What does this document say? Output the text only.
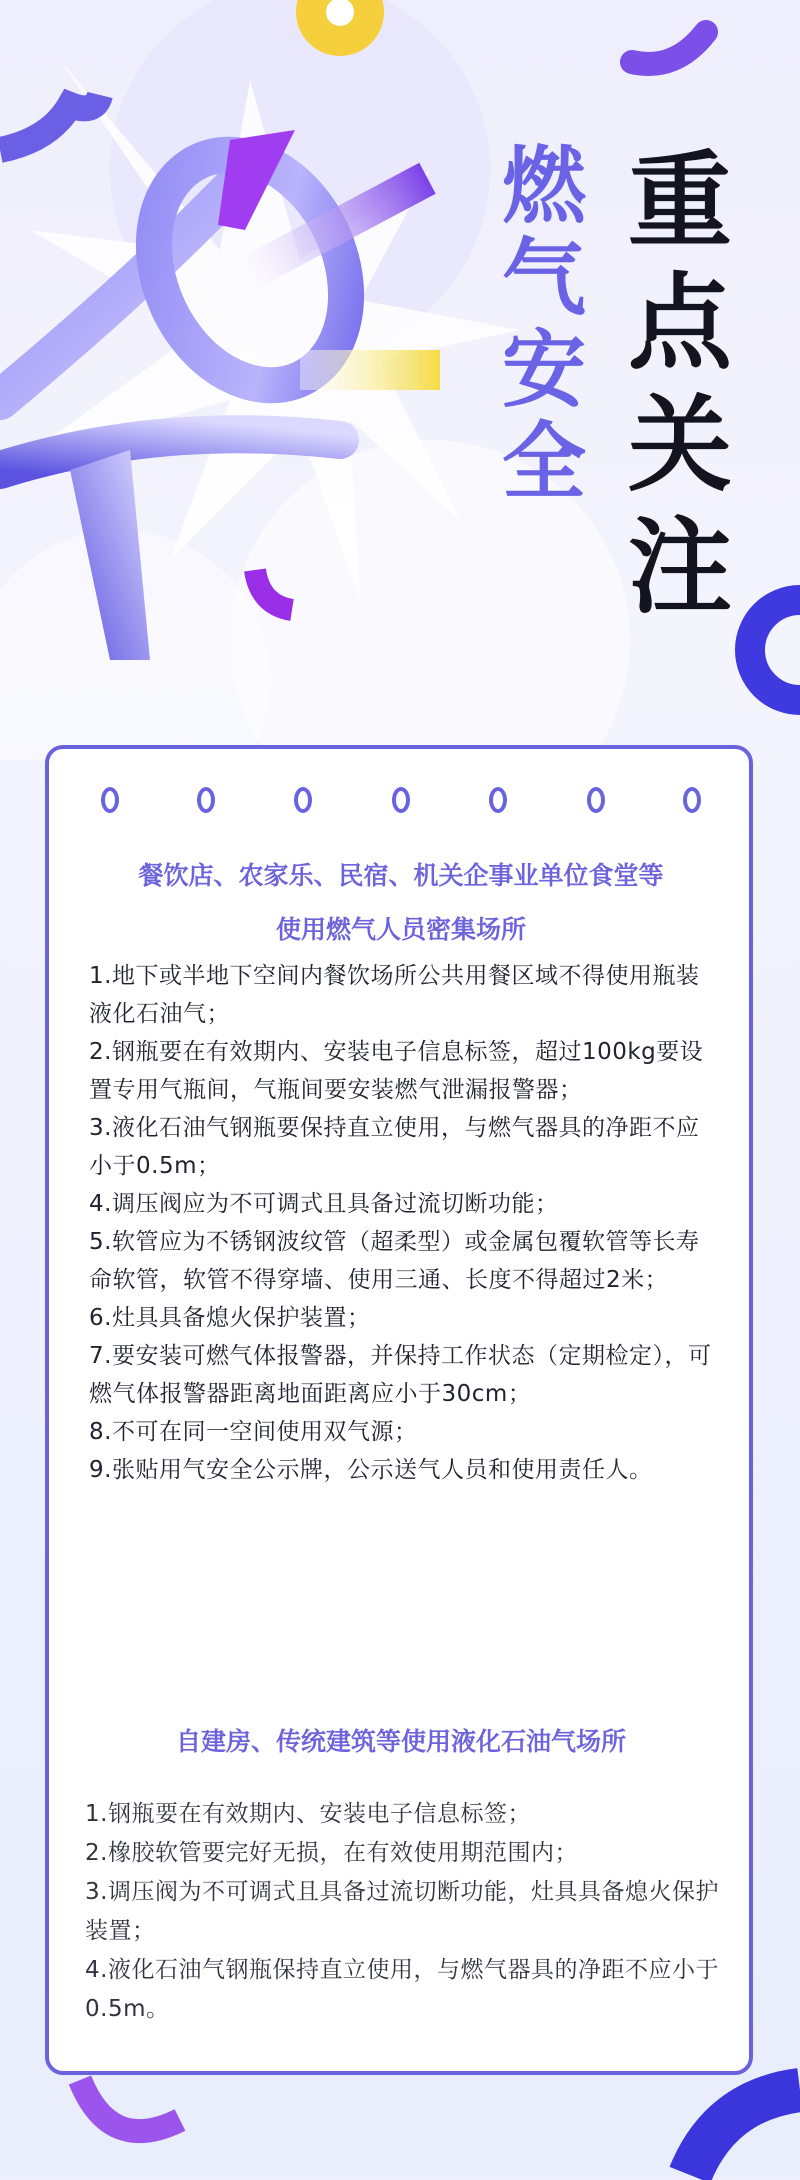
重点关注
燃气安全
餐饮店、农家乐、民宿、机关企事业单位食堂等
使用燃气人员密集场所
1.地下或半地下空间内餐饮场所公共用餐区域不得使用瓶装液化石油气；
2.钢瓶要在有效期内、安装电子信息标签，超过100kg要设置专用气瓶间，气瓶间要安装燃气泄漏报警器；
3.液化石油气钢瓶要保持直立使用，与燃气器具的净距不应小于0.5m；
4.调压阀应为不可调式且具备过流切断功能；
5.软管应为不锈钢波纹管（超柔型）或金属包覆软管等长寿命软管，软管不得穿墙、使用三通、长度不得超过2米；
6.灶具具备熄火保护装置；
7.要安装可燃气体报警器，并保持工作状态（定期检定），可燃气体报警器距离地面距离应小于30cm；
8.不可在同一空间使用双气源；
9.张贴用气安全公示牌，公示送气人员和使用责任人。
自建房、传统建筑等使用液化石油气场所
1.钢瓶要在有效期内、安装电子信息标签；
2.橡胶软管要完好无损，在有效使用期范围内；
3.调压阀为不可调式且具备过流切断功能，灶具具备熄火保护装置；
4.液化石油气钢瓶保持直立使用，与燃气器具的净距不应小于0.5m。
